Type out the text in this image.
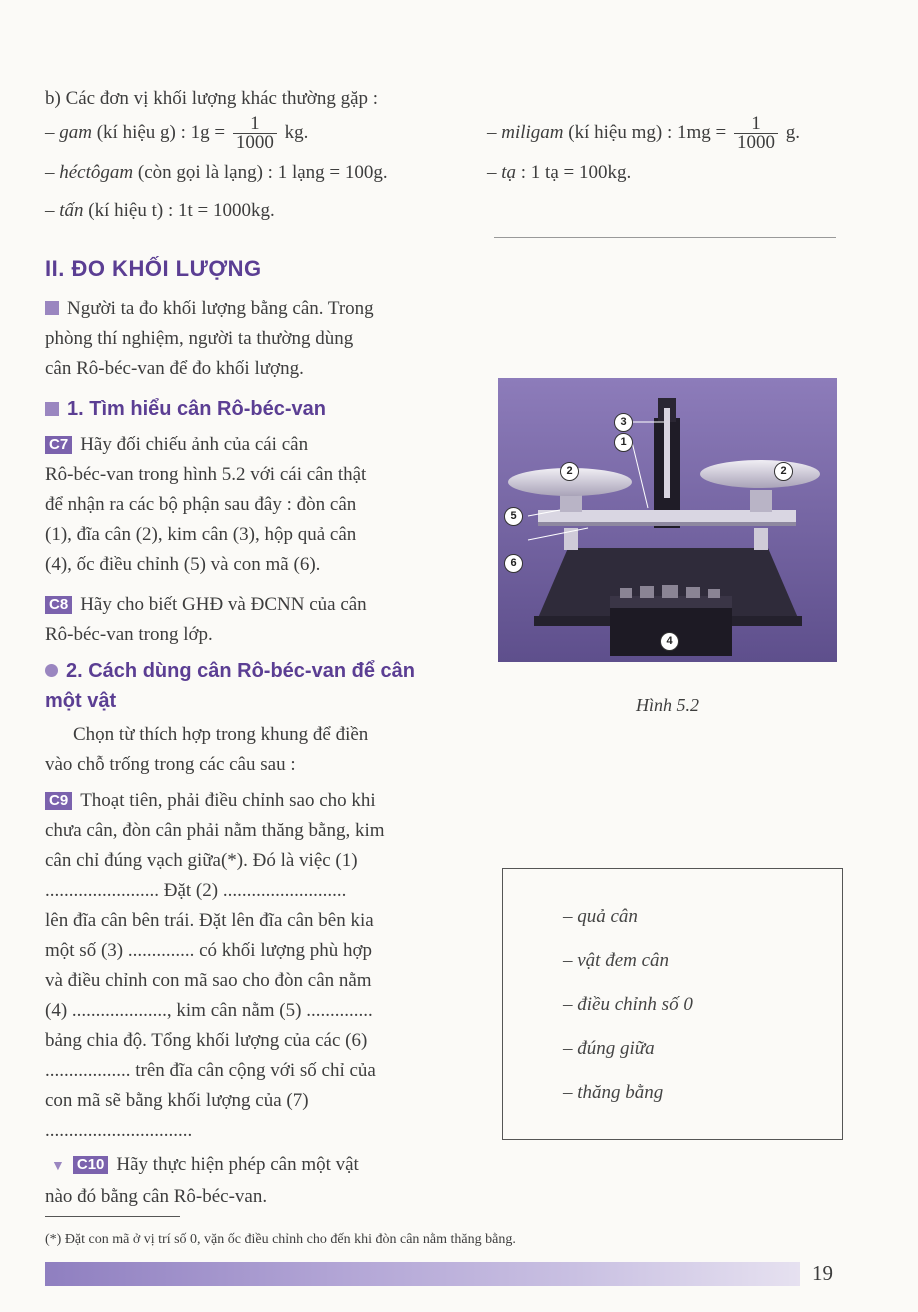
b) Các đơn vị khối lượng khác thường gặp :
– gam (kí hiệu g) : $1g = \frac{1}{1000}$ kg.	– miligam (kí hiệu mg) : $1mg = \frac{1}{1000} g$.
– héctôgam (còn gọi là lạng) : 1 lạng = 100g.	– tạ : 1 tạ = 100kg.
– tấn (kí hiệu t) : 1t = 1000kg.
II. ĐO KHỐI LƯỢNG

Người ta đo khối lượng bằng cân. Trong

phòng thí nghiệm, người ta thường dùng

cân Rô-béc-van để đo khối lượng.

1. Tìm hiểu cân Rô-béc-van

C7 Hãy đối chiếu ảnh của cái cân

Rô-béc-van trong hình 5.2 với cái cân thật

để nhận ra các bộ phận sau đây : đòn cân

(1), đĩa cân (2), kim cân (3), hộp quả cân

(4), ốc điều chỉnh (5) và con mã (6).

C8 Hãy cho biết GHĐ và ĐCNN của cân

Rô-béc-van trong lớp.

2. Cách dùng cân Rô-béc-van để cân
một vật

Chọn từ thích hợp trong khung để điền

vào chỗ trống trong các câu sau :

C9 Thoạt tiên, phải điều chỉnh sao cho khi

chưa cân, đòn cân phải nằm thăng bằng, kim

cân chỉ đúng vạch giữa(*). Đó là việc (1)

........................ Đặt (2) ..........................

lên đĩa cân bên trái. Đặt lên đĩa cân bên kia

một số (3) .............. có khối lượng phù hợp

và điều chỉnh con mã sao cho đòn cân nằm

(4) ...................., kim cân nằm (5) ..............

bảng chia độ. Tổng khối lượng của các (6)

.................. trên đĩa cân cộng với số chỉ của

con mã sẽ bằng khối lượng của (7)

...............................

▼ C10 Hãy thực hiện phép cân một vật

nào đó bằng cân Rô-béc-van.

3
1
2	2
5
6
4
Hình 5.2
– quả cân
– vật đem cân
– điều chỉnh số 0
– đúng giữa
– thăng bằng
(*) Đặt con mã ở vị trí số 0, vặn ốc điều chỉnh cho đến khi đòn cân nằm thăng bằng.
19
